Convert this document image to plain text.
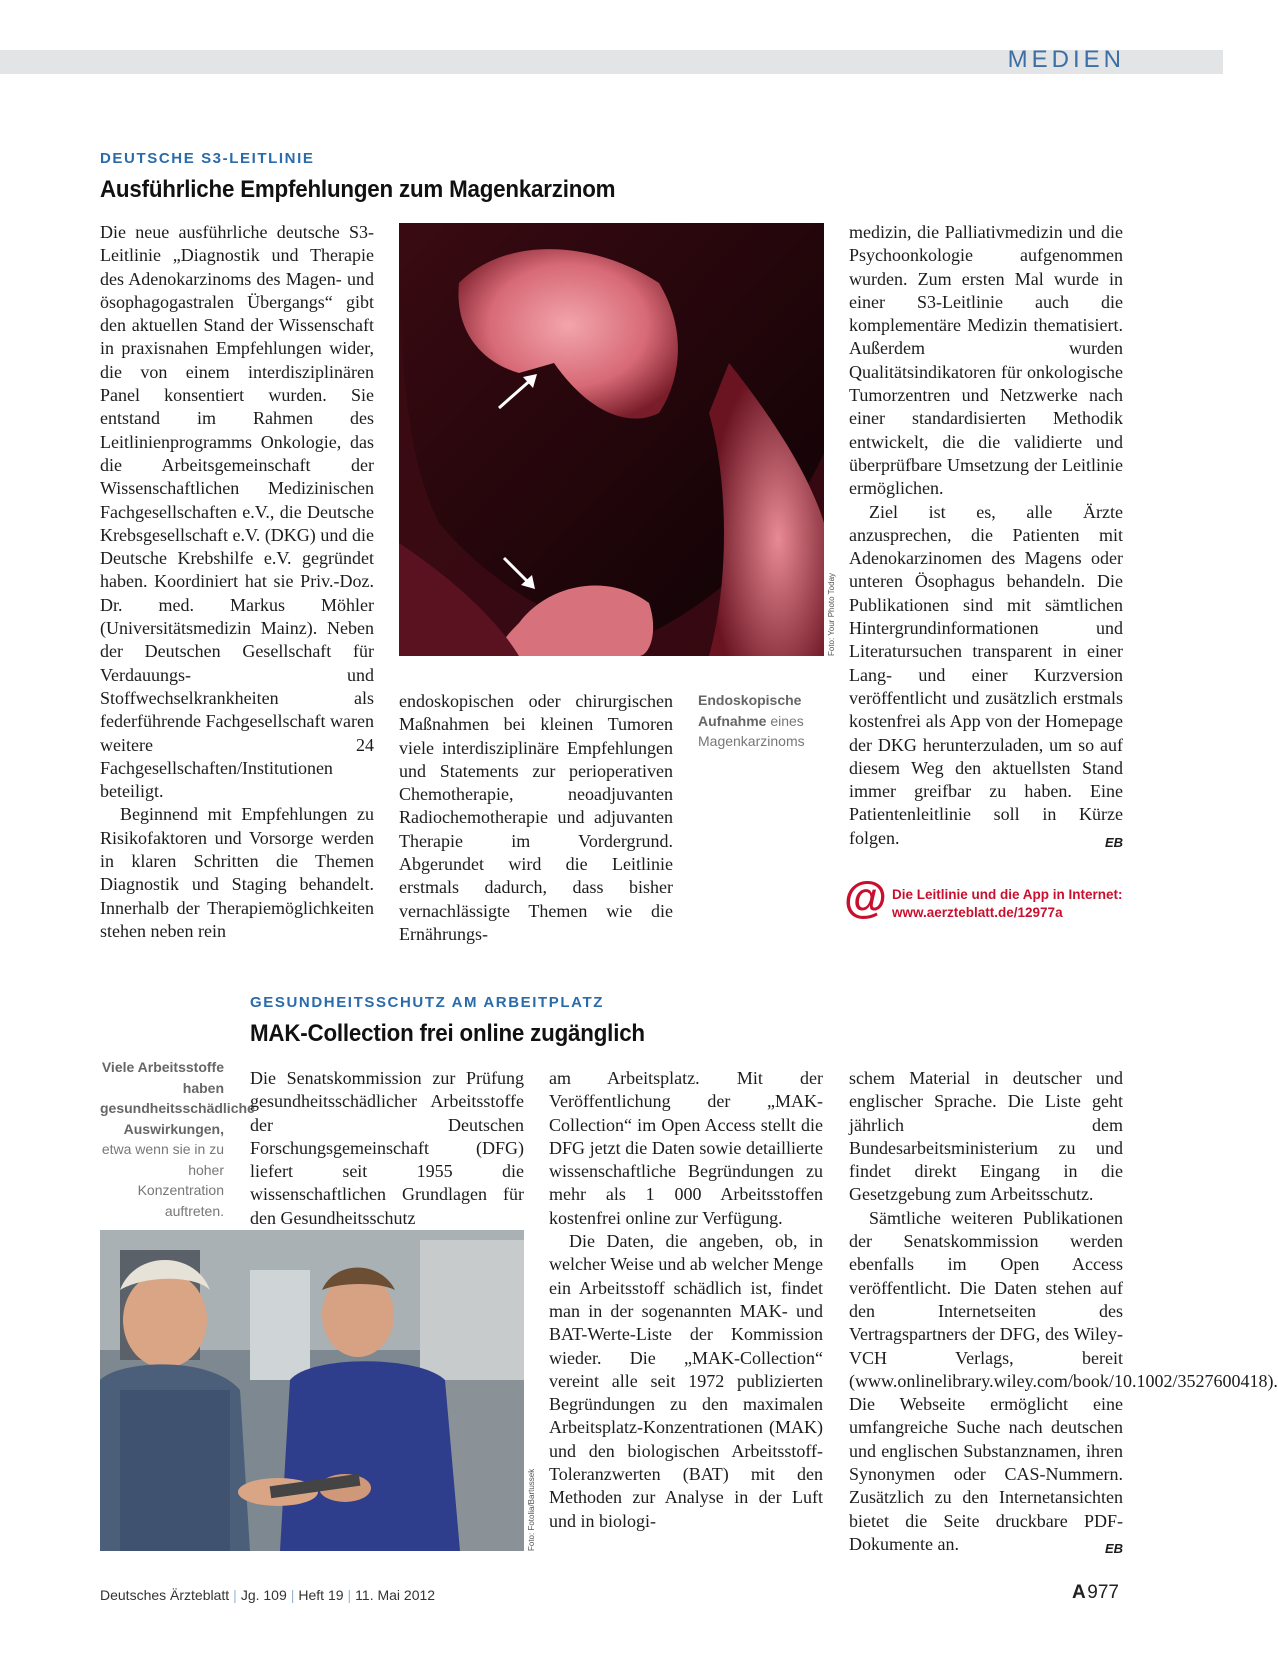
MEDIEN
DEUTSCHE S3-LEITLINIE
Ausführliche Empfehlungen zum Magenkarzinom

Die neue ausführliche deutsche S3-Leitlinie „Diagnostik und Therapie des Adenokarzinoms des Magen- und ösophagogastralen Übergangs“ gibt den aktuellen Stand der Wissenschaft in praxisnahen Empfehlungen wider, die von einem interdisziplinären Panel konsentiert wurden. Sie entstand im Rahmen des Leitlinienprogramms Onkologie, das die Arbeitsgemeinschaft der Wissenschaftlichen Medizinischen Fachgesellschaften e.V., die Deutsche Krebsgesellschaft e.V. (DKG) und die Deutsche Krebshilfe e.V. gegründet haben. Koordiniert hat sie Priv.-Doz. Dr. med. Markus Möhler (Universitätsmedizin Mainz). Neben der Deutschen Gesellschaft für Verdauungs- und Stoffwechselkrankheiten als federführende Fachgesellschaft waren weitere 24 Fachgesellschaften/Institutionen beteiligt.

Beginnend mit Empfehlungen zu Risikofaktoren und Vorsorge werden in klaren Schritten die Themen Diagnostik und Staging behandelt. Innerhalb der Therapiemöglichkeiten stehen neben rein

Foto: Your Photo Today

endoskopischen oder chirurgischen Maßnahmen bei kleinen Tumoren viele interdisziplinäre Empfehlungen und Statements zur perioperativen Chemotherapie, neoadjuvanten Radiochemotherapie und adjuvanten Therapie im Vordergrund. Abgerundet wird die Leitlinie erstmals dadurch, dass bisher vernachlässigte Themen wie die Ernährungs-

Endoskopische Aufnahme eines Magenkarzinoms

medizin, die Palliativmedizin und die Psychoonkologie aufgenommen wurden. Zum ersten Mal wurde in einer S3-Leitlinie auch die komplementäre Medizin thematisiert. Außerdem wurden Qualitätsindikatoren für onkologische Tumorzentren und Netzwerke nach einer standardisierten Methodik entwickelt, die die validierte und überprüfbare Umsetzung der Leitlinie ermöglichen.

Ziel ist es, alle Ärzte anzusprechen, die Patienten mit Adenokarzinomen des Magens oder unteren Ösophagus behandeln. Die Publikationen sind mit sämtlichen Hintergrundinformationen und Literatursuchen transparent in einer Lang- und einer Kurzversion veröffentlicht und zusätzlich erstmals kostenfrei als App von der Homepage der DKG herunterzuladen, um so auf diesem Weg den aktuellsten Stand immer greifbar zu haben. Eine Patientenleitlinie soll in Kürze folgen.	EB

@ Die Leitlinie und die App in Internet:
www.aerzteblatt.de/12977a
GESUNDHEITSSCHUTZ AM ARBEITPLATZ
MAK-Collection frei online zugänglich
Viele Arbeitsstoffe haben gesundheitsschädliche Auswirkungen, etwa wenn sie in zu hoher Konzentration auftreten.

Die Senatskommission zur Prüfung gesundheitsschädlicher Arbeitsstoffe der Deutschen Forschungsgemeinschaft (DFG) liefert seit 1955 die wissenschaftlichen Grundlagen für den Gesundheitsschutz

Foto: Fotolia/Bartussek

am Arbeitsplatz. Mit der Veröffentlichung der „MAK-Collection“ im Open Access stellt die DFG jetzt die Daten sowie detaillierte wissenschaftliche Begründungen zu mehr als 1 000 Arbeitsstoffen kostenfrei online zur Verfügung.

Die Daten, die angeben, ob, in welcher Weise und ab welcher Menge ein Arbeitsstoff schädlich ist, findet man in der sogenannten MAK- und BAT-Werte-Liste der Kommission wieder. Die „MAK-Collection“ vereint alle seit 1972 publizierten Begründungen zu den maximalen Arbeitsplatz-Konzentrationen (MAK) und den biologischen Arbeitsstoff-Toleranzwerten (BAT) mit den Methoden zur Analyse in der Luft und in biologi-

schem Material in deutscher und englischer Sprache. Die Liste geht jährlich dem Bundesarbeitsministerium zu und findet direkt Eingang in die Gesetzgebung zum Arbeitsschutz.

Sämtliche weiteren Publikationen der Senatskommission werden ebenfalls im Open Access veröffentlicht. Die Daten stehen auf den Internetseiten des Vertragspartners der DFG, des Wiley-VCH Verlags, bereit (www.onlinelibrary.wiley.com/book/10.1002/3527600418). Die Webseite ermöglicht eine umfangreiche Suche nach deutschen und englischen Substanznamen, ihren Synonymen oder CAS-Nummern. Zusätzlich zu den Internetansichten bietet die Seite druckbare PDF-Dokumente an.	EB

Deutsches Ärzteblatt | Jg. 109 | Heft 19 | 11. Mai 2012	A 977
